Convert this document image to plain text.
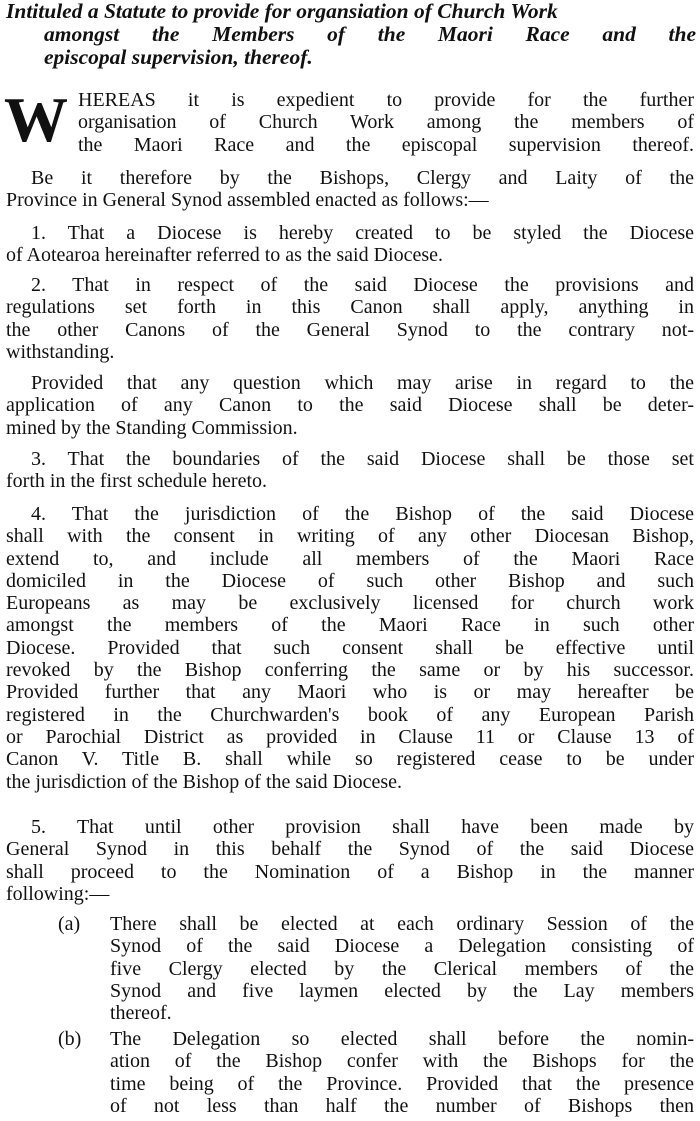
Intituled a Statute to provide for organsiation of Church Work
amongst the Members of the Maori Race and the
episcopal supervision, thereof.
W HEREAS it is expedient to provide for the further
organisation of Church Work among the members of
the Maori Race and the episcopal supervision thereof.
Be it therefore by the Bishops, Clergy and Laity of the
Province in General Synod assembled enacted as follows:—
1. That a Diocese is hereby created to be styled the Diocese
of Aotearoa hereinafter referred to as the said Diocese.
2. That in respect of the said Diocese the provisions and
regulations set forth in this Canon shall apply, anything in
the other Canons of the General Synod to the contrary not-
withstanding.
Provided that any question which may arise in regard to the
application of any Canon to the said Diocese shall be deter-
mined by the Standing Commission.
3. That the boundaries of the said Diocese shall be those set
forth in the first schedule hereto.
4. That the jurisdiction of the Bishop of the said Diocese
shall with the consent in writing of any other Diocesan Bishop,
extend to, and include all members of the Maori Race
domiciled in the Diocese of such other Bishop and such
Europeans as may be exclusively licensed for church work
amongst the members of the Maori Race in such other
Diocese. Provided that such consent shall be effective until
revoked by the Bishop conferring the same or by his successor.
Provided further that any Maori who is or may hereafter be
registered in the Churchwarden's book of any European Parish
or Parochial District as provided in Clause 11 or Clause 13 of
Canon V. Title B. shall while so registered cease to be under
the jurisdiction of the Bishop of the said Diocese.
5. That until other provision shall have been made by
General Synod in this behalf the Synod of the said Diocese
shall proceed to the Nomination of a Bishop in the manner
following:—
(a) There shall be elected at each ordinary Session of the
Synod of the said Diocese a Delegation consisting of
five Clergy elected by the Clerical members of the
Synod and five laymen elected by the Lay members
thereof.
(b) The Delegation so elected shall before the nomin-
ation of the Bishop confer with the Bishops for the
time being of the Province. Provided that the presence
of not less than half the number of Bishops then
